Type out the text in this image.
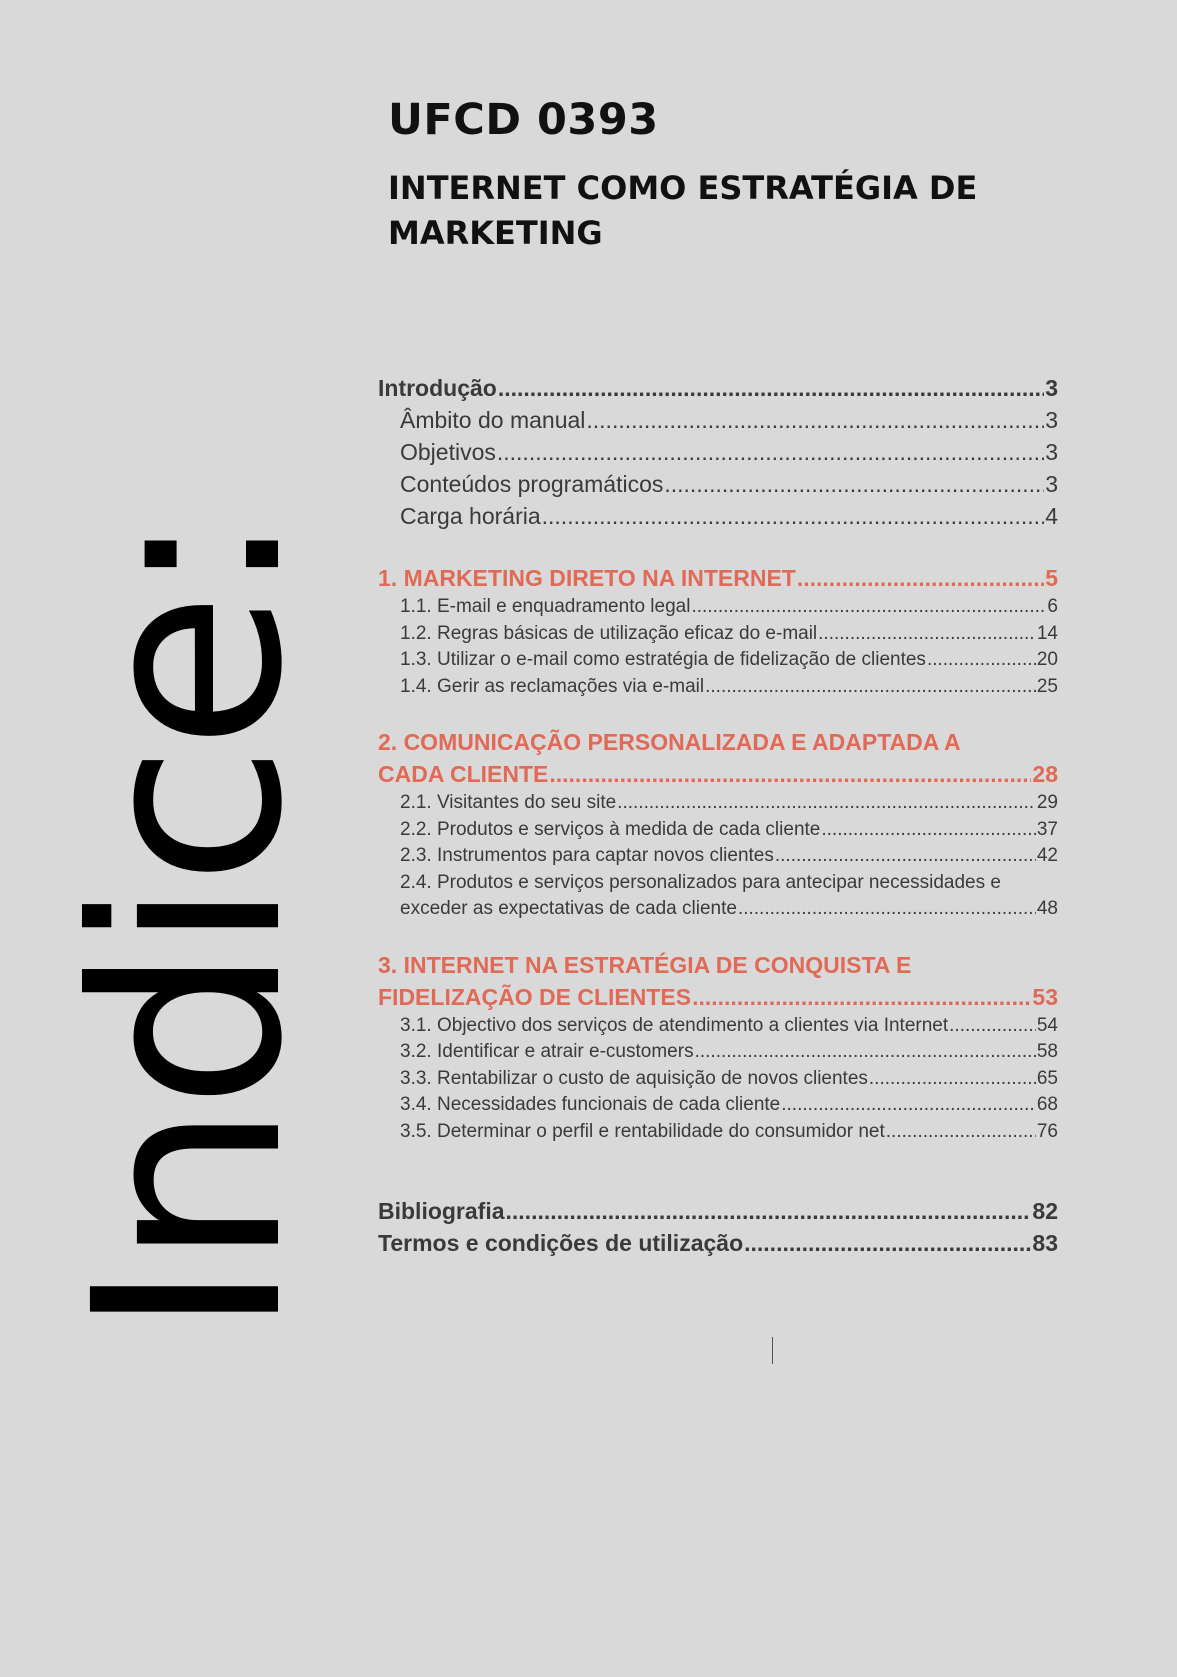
UFCD 0393
INTERNET COMO ESTRATÉGIA DE MARKETING
Indice:
Introdução .....	3
Âmbito do manual .....	3
Objetivos .....	3
Conteúdos programáticos .....	3
Carga horária .....	4
1. MARKETING DIRETO NA INTERNET .....	5
1.1. E-mail e enquadramento legal .....	6
1.2. Regras básicas de utilização eficaz do e-mail .....	14
1.3. Utilizar o e-mail como estratégia de fidelização de clientes .....	20
1.4. Gerir as reclamações via e-mail .....	25
2. COMUNICAÇÃO PERSONALIZADA E ADAPTADA A
CADA CLIENTE .....	28
2.1. Visitantes do seu site .....	29
2.2. Produtos e serviços à medida de cada cliente .....	37
2.3. Instrumentos para captar novos clientes .....	42
2.4. Produtos e serviços personalizados para antecipar necessidades e
exceder as expectativas de cada cliente .....	48
3. INTERNET NA ESTRATÉGIA DE CONQUISTA E
FIDELIZAÇÃO DE CLIENTES .....	53
3.1. Objectivo dos serviços de atendimento a clientes via Internet .....	54
3.2. Identificar e atrair e-customers .....	58
3.3. Rentabilizar o custo de aquisição de novos clientes .....	65
3.4. Necessidades funcionais de cada cliente .....	68
3.5. Determinar o perfil e rentabilidade do consumidor net .....	76
Bibliografia .....	82
Termos e condições de utilização .....	83
